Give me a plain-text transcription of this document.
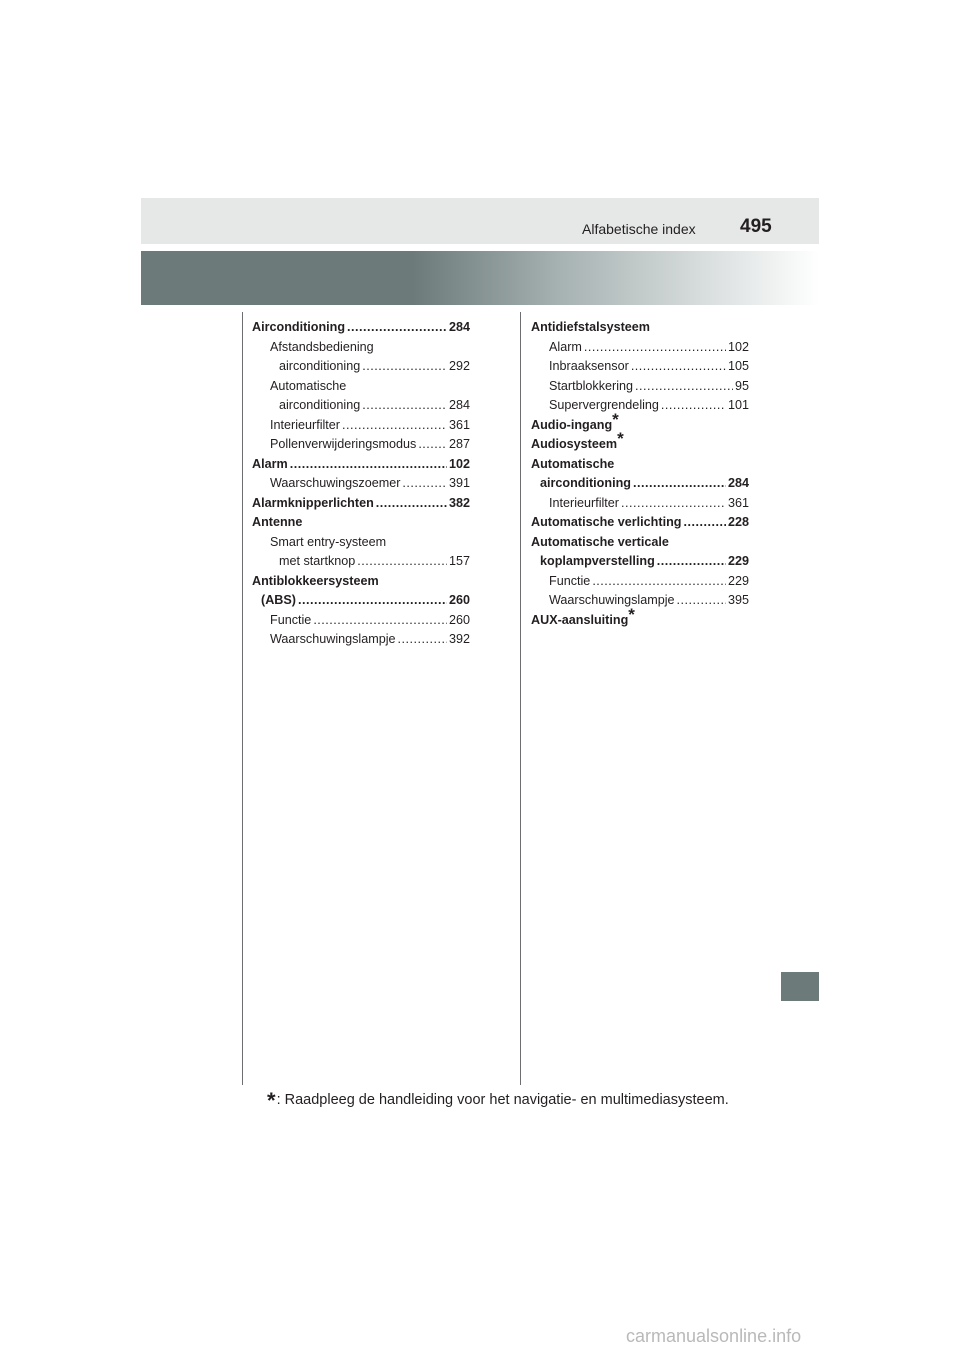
Alfabetische index 495
Airconditioning .....	284
Afstandsbediening
airconditioning .....	292
Automatische
airconditioning .....	284
Interieurfilter .....	361
Pollenverwijderingsmodus .....	287
Alarm .....	102
Waarschuwingszoemer .....	391
Alarmknipperlichten .....	382
Antenne
Smart entry-systeem
met startknop .....	157
Antiblokkeersysteem
(ABS) .....	260
Functie .....	260
Waarschuwingslampje .....	392
Antidiefstalsysteem
Alarm .....	102
Inbraaksensor .....	105
Startblokkering .....	95
Supervergrendeling .....	101
Audio-ingang*
Audiosysteem*
Automatische
airconditioning .....	284
Interieurfilter .....	361
Automatische verlichting .....	228
Automatische verticale
koplampverstelling .....	229
Functie .....	229
Waarschuwingslampje .....	395
AUX-aansluiting*
*: Raadpleeg de handleiding voor het navigatie- en multimediasysteem.
carmanualsonline.info
